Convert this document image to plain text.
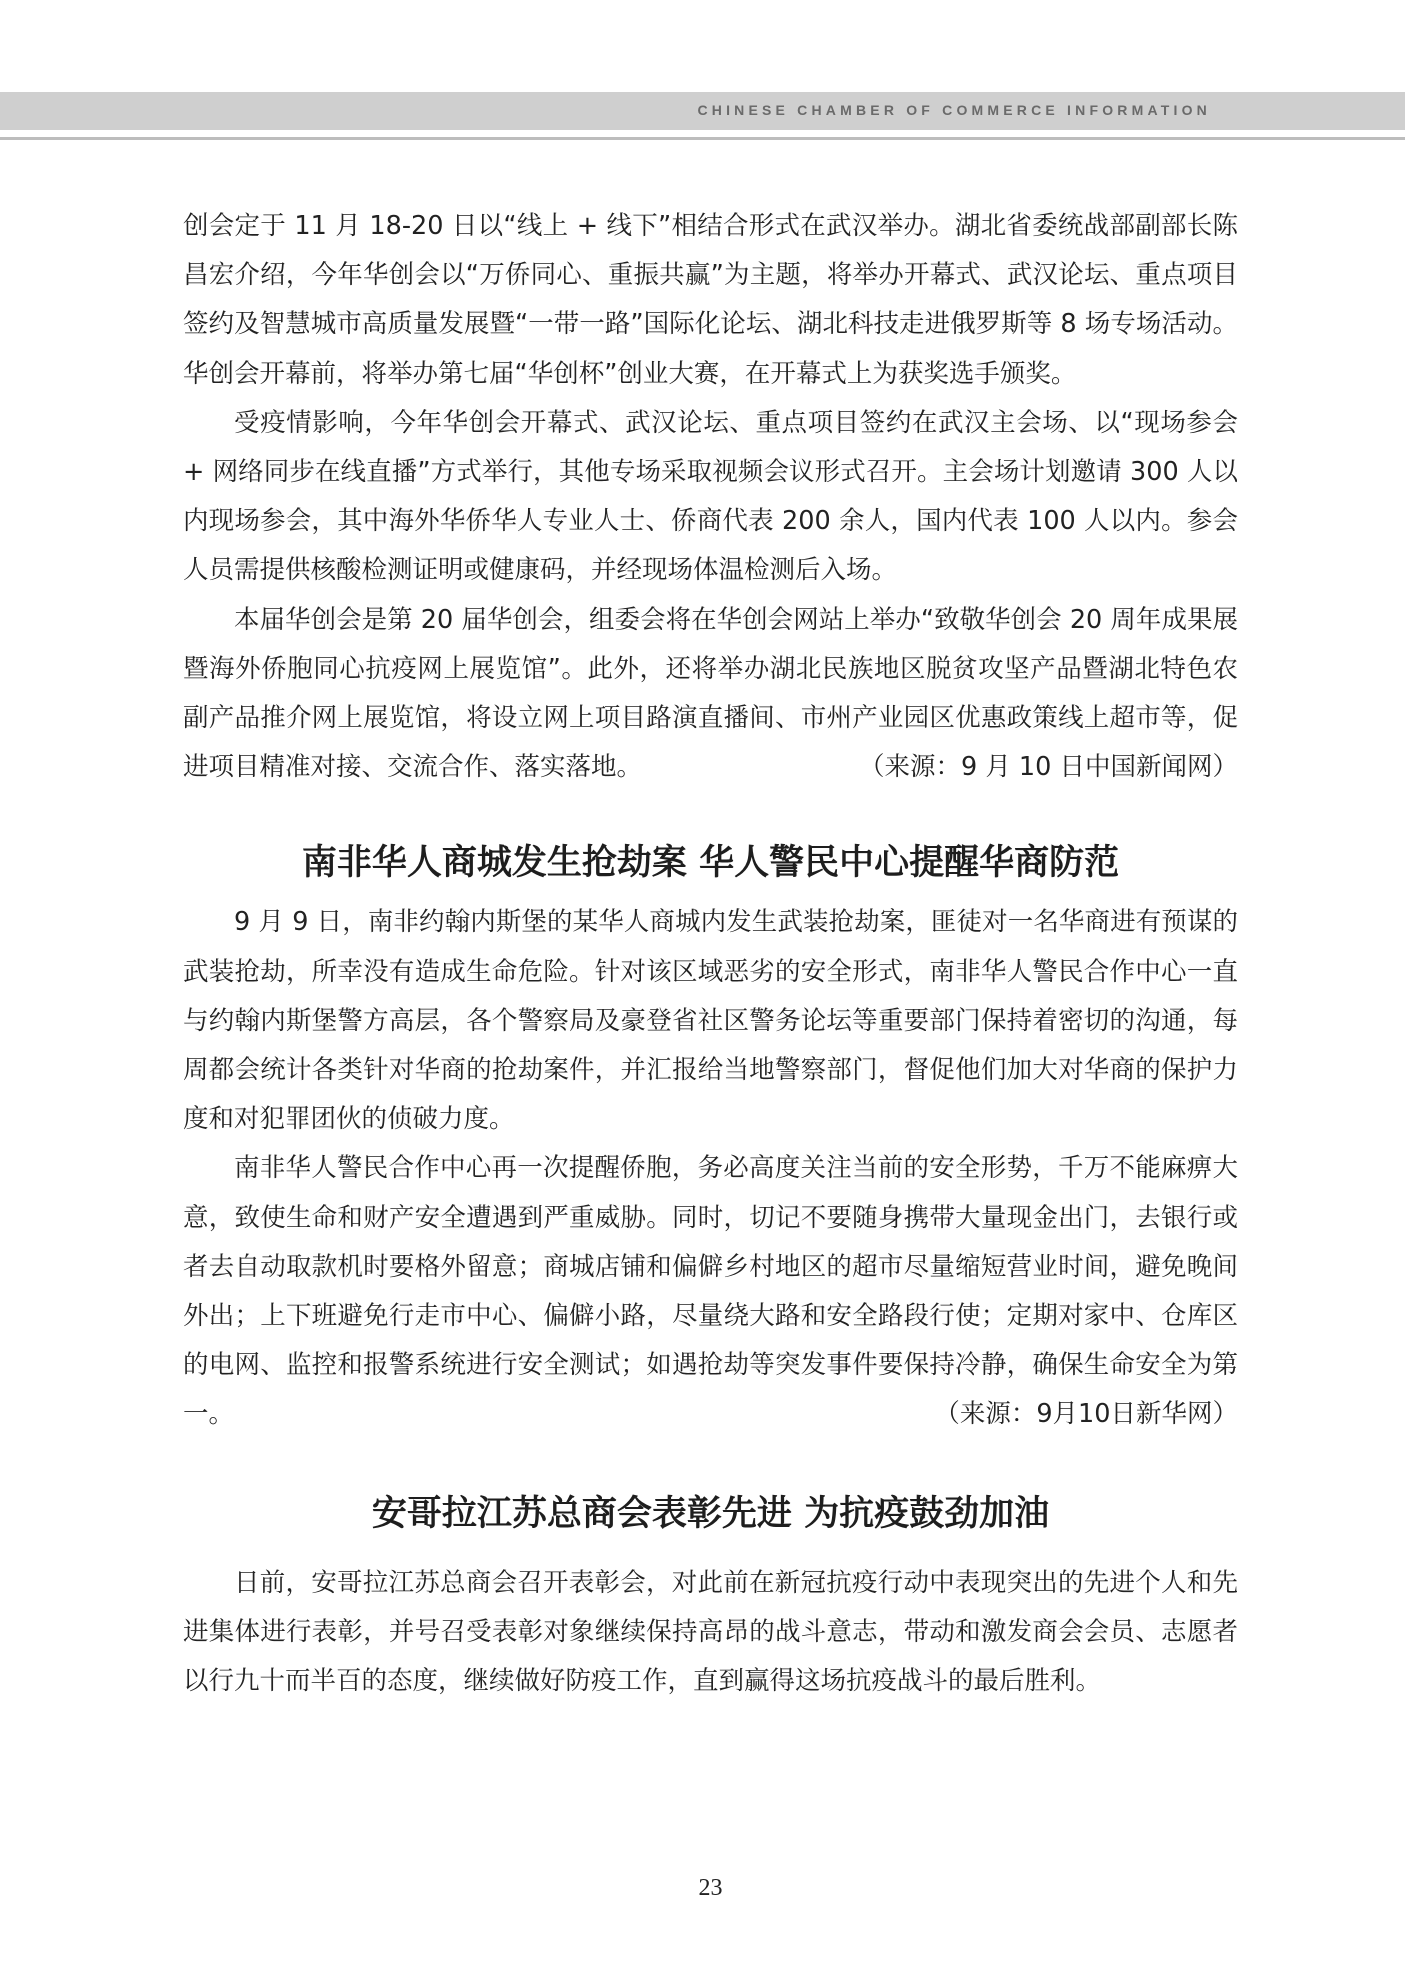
CHINESE CHAMBER OF COMMERCE INFORMATION

创会定于 11 月 18-20 日以“线上 + 线下”相结合形式在武汉举办。湖北省委统战部副部长陈昌宏介绍，今年华创会以“万侨同心、重振共赢”为主题，将举办开幕式、武汉论坛、重点项目签约及智慧城市高质量发展暨“一带一路”国际化论坛、湖北科技走进俄罗斯等 8 场专场活动。华创会开幕前，将举办第七届“华创杯”创业大赛，在开幕式上为获奖选手颁奖。

受疫情影响，今年华创会开幕式、武汉论坛、重点项目签约在武汉主会场、以“现场参会 + 网络同步在线直播”方式举行，其他专场采取视频会议形式召开。主会场计划邀请 300 人以内现场参会，其中海外华侨华人专业人士、侨商代表 200 余人，国内代表 100 人以内。参会人员需提供核酸检测证明或健康码，并经现场体温检测后入场。

本届华创会是第 20 届华创会，组委会将在华创会网站上举办“致敬华创会 20 周年成果展暨海外侨胞同心抗疫网上展览馆”。此外，还将举办湖北民族地区脱贫攻坚产品暨湖北特色农副产品推介网上展览馆，将设立网上项目路演直播间、市州产业园区优惠政策线上超市等，促进项目精准对接、交流合作、落实落地。	（来源：9 月 10 日中国新闻网）

南非华人商城发生抢劫案 华人警民中心提醒华商防范

9 月 9 日，南非约翰内斯堡的某华人商城内发生武装抢劫案，匪徒对一名华商进有预谋的武装抢劫，所幸没有造成生命危险。针对该区域恶劣的安全形式，南非华人警民合作中心一直与约翰内斯堡警方高层，各个警察局及豪登省社区警务论坛等重要部门保持着密切的沟通，每周都会统计各类针对华商的抢劫案件，并汇报给当地警察部门，督促他们加大对华商的保护力度和对犯罪团伙的侦破力度。

南非华人警民合作中心再一次提醒侨胞，务必高度关注当前的安全形势，千万不能麻痹大意，致使生命和财产安全遭遇到严重威胁。同时，切记不要随身携带大量现金出门，去银行或者去自动取款机时要格外留意；商城店铺和偏僻乡村地区的超市尽量缩短营业时间，避免晚间外出；上下班避免行走市中心、偏僻小路，尽量绕大路和安全路段行使；定期对家中、仓库区的电网、监控和报警系统进行安全测试；如遇抢劫等突发事件要保持冷静，确保生命安全为第一。	（来源：9月10日新华网）

安哥拉江苏总商会表彰先进 为抗疫鼓劲加油

日前，安哥拉江苏总商会召开表彰会，对此前在新冠抗疫行动中表现突出的先进个人和先进集体进行表彰，并号召受表彰对象继续保持高昂的战斗意志，带动和激发商会会员、志愿者以行九十而半百的态度，继续做好防疫工作，直到赢得这场抗疫战斗的最后胜利。

23
